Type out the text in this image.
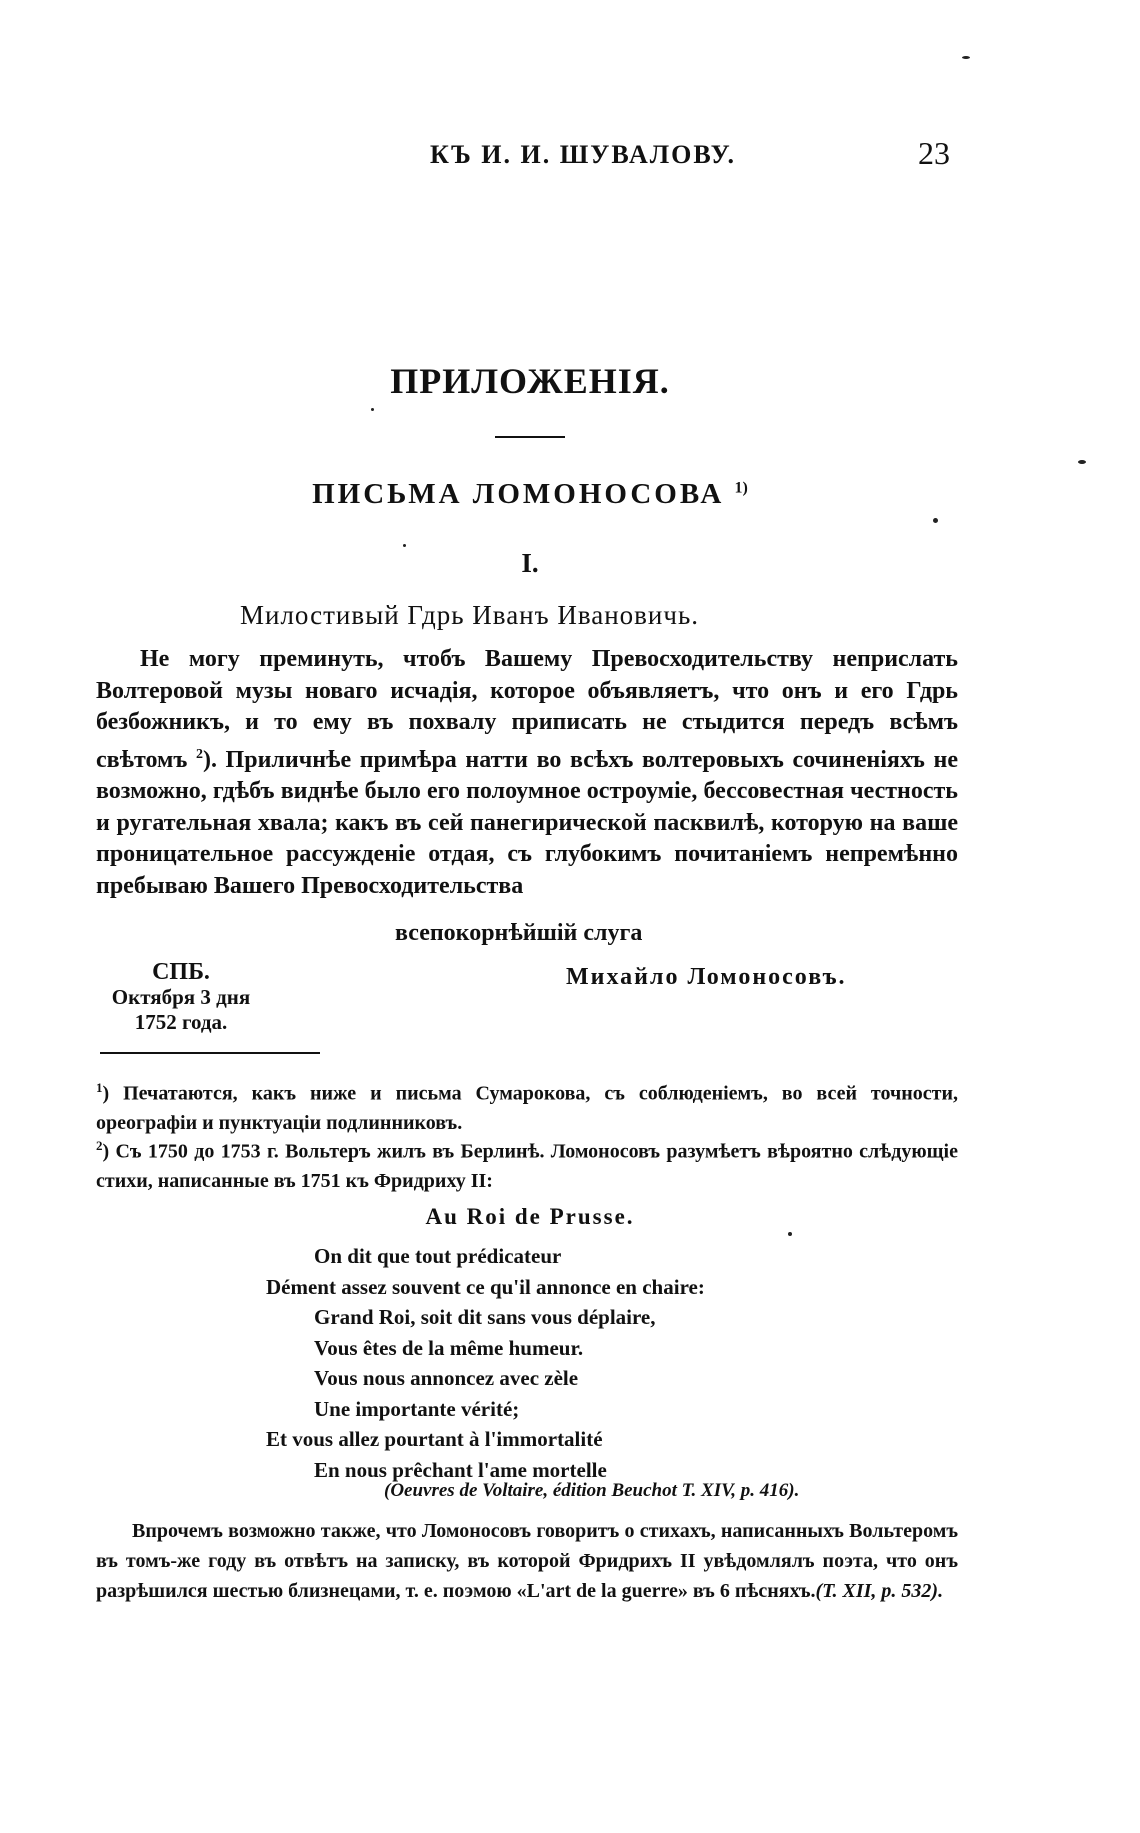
КЪ И. И. ШУВАЛОВУ.	23
ПРИЛОЖЕНІЯ.
ПИСЬМА ЛОМОНОСОВА $^{1)}$
I.
Милостивый Гдрь Иванъ Ивановичь.
Не могу преминуть, чтобъ Вашему Превосходительству неприслать Волтеровой музы новаго исчадія, которое объявляетъ, что онъ и его Гдрь безбожникъ, и то ему въ похвалу приписать не стыдится передъ всѣмъ свѣтомъ $^2$). Приличнѣе примѣра натти во всѣхъ волтеровыхъ сочиненіяхъ не возможно, гдѣбъ виднѣе было его полоумное остроуміе, бессовестная честность и ругательная хвала; какъ въ сей панегирической пасквилѣ, которую на ваше проницательное рассужденіе отдая, съ глубокимъ почитаніемъ непремѣнно пребываю Вашего Превосходительства
всепокорнѣйшій слуга
Михайло Ломоносовъ.
СПБ.
Октября 3 дня
1752 года.
$^1$) Печатаются, какъ ниже и письма Сумарокова, съ соблюденіемъ, во всей точности, ореографіи и пунктуаціи подлинниковъ.
$^2$) Съ 1750 до 1753 г. Вольтеръ жилъ въ Берлинѣ. Ломоносовъ разумѣетъ вѣроятно слѣдующіе стихи, написанные въ 1751 къ Фридриху II:
Au Roi de Prusse.
On dit que tout prédicateur
Dément assez souvent ce qu'il annonce en chaire:
Grand Roi, soit dit sans vous déplaire,
Vous êtes de la même humeur.
Vous nous annoncez avec zèle
Une importante vérité;
Et vous allez pourtant à l'immortalité
En nous prêchant l'ame mortelle
(Oeuvres de Voltaire, édition Beuchot T. XIV, p. 416).
Впрочемъ возможно также, что Ломоносовъ говоритъ о стихахъ, написанныхъ Вольтеромъ въ томъ-же году въ отвѣтъ на записку, въ которой Фридрихъ II увѣдомлялъ поэта, что онъ разрѣшился шестью близнецами, т. е. поэмою «L'art de la guerre» въ 6 пѣсняхъ.(T. XII, p. 532).
